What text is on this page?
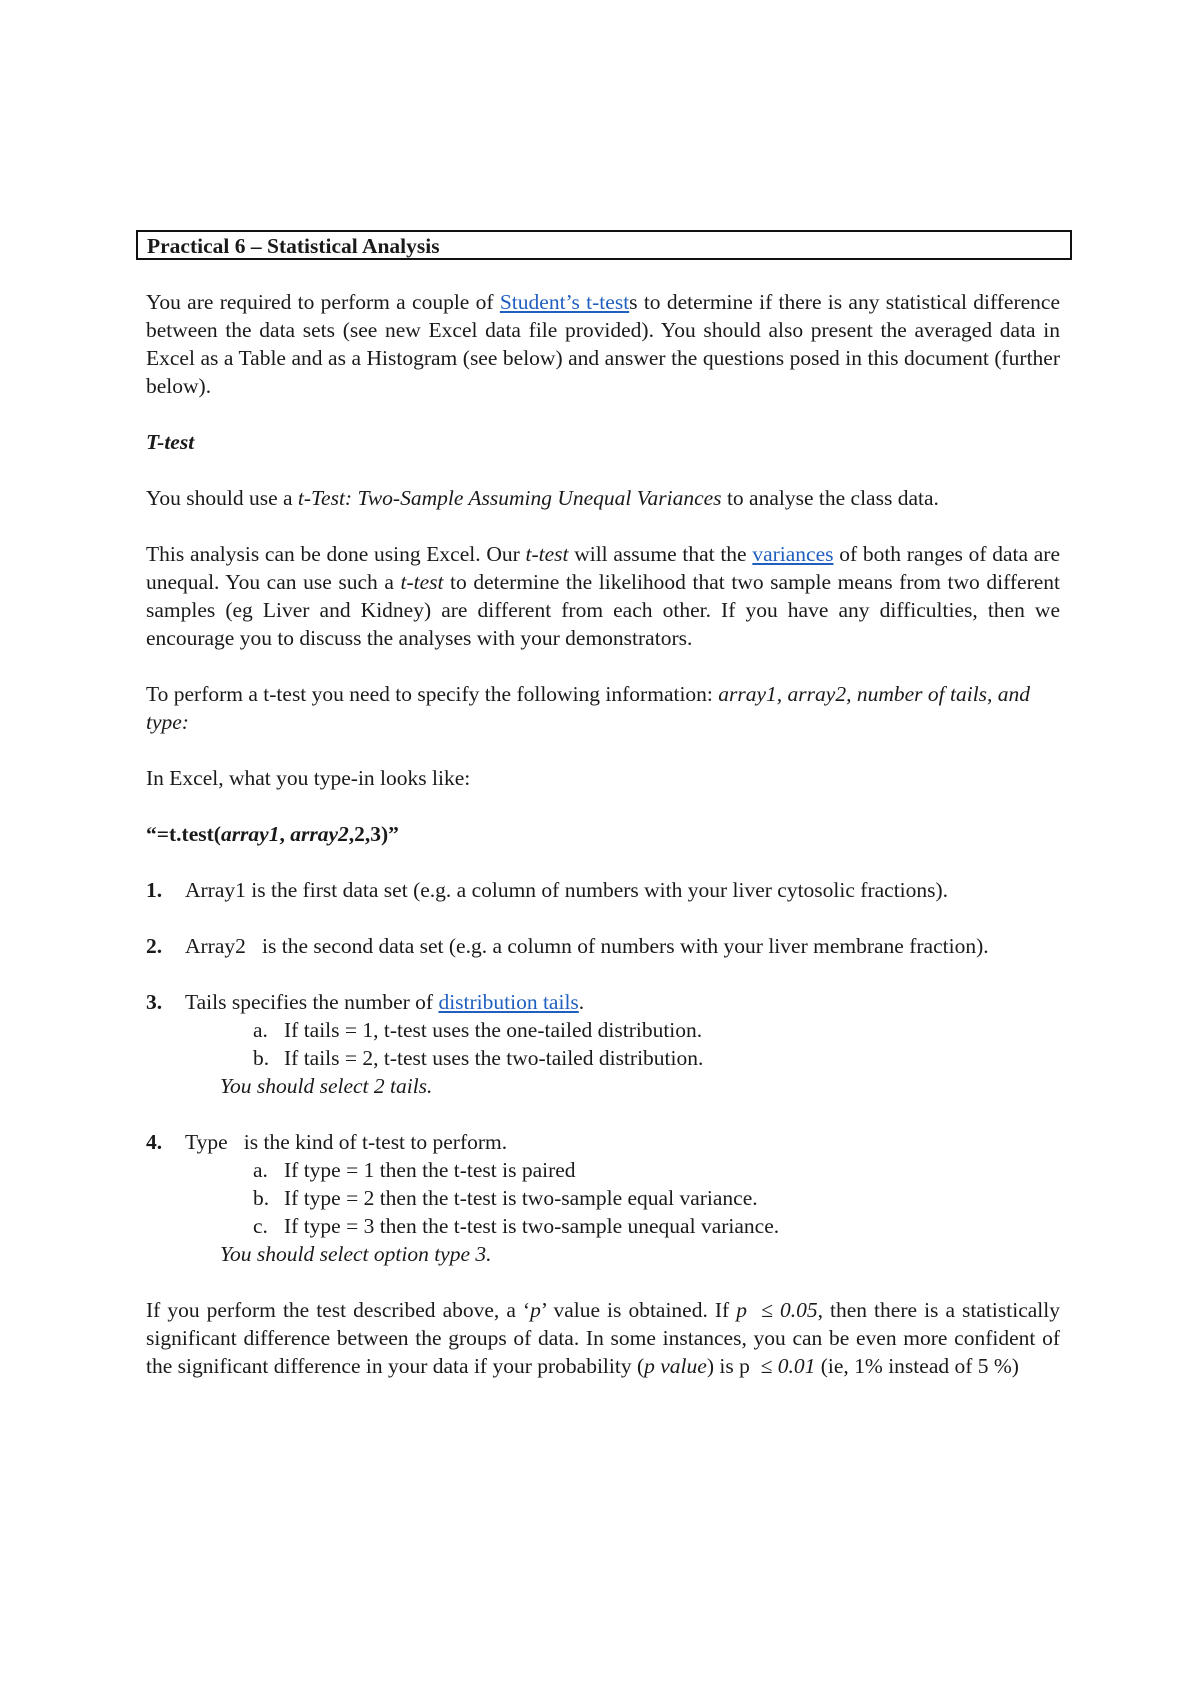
Practical 6 – Statistical Analysis

You are required to perform a couple of Student’s t-tests to determine if there is any statistical difference between the data sets (see new Excel data file provided). You should also present the averaged data in Excel as a Table and as a Histogram (see below) and answer the questions posed in this document (further below).

T-test

You should use a t-Test: Two-Sample Assuming Unequal Variances to analyse the class data.

This analysis can be done using Excel. Our t-test will assume that the variances of both ranges of data are unequal. You can use such a t-test to determine the likelihood that two sample means from two different samples (eg Liver and Kidney) are different from each other. If you have any difficulties, then we encourage you to discuss the analyses with your demonstrators.

To perform a t-test you need to specify the following information: array1, array2, number of tails, and type:

In Excel, what you type-in looks like:

“=t.test(array1, array2,2,3)”

1.	Array1 is the first data set (e.g. a column of numbers with your liver cytosolic fractions).
2.	Array2   is the second data set (e.g. a column of numbers with your liver membrane fraction).
3.	Tails specifies the number of distribution tails.
a. If tails = 1, t-test uses the one-tailed distribution.
b. If tails = 2, t-test uses the two-tailed distribution.

You should select 2 tails.

4.	Type   is the kind of t-test to perform.
a. If type = 1 then the t-test is paired
b. If type = 2 then the t-test is two-sample equal variance.
c. If type = 3 then the t-test is two-sample unequal variance.

You should select option type 3.

If you perform the test described above, a ‘p’ value is obtained. If p  ≤ 0.05, then there is a statistically significant difference between the groups of data. In some instances, you can be even more confident of the significant difference in your data if your probability (p value) is p  ≤ 0.01 (ie, 1% instead of 5 %)
